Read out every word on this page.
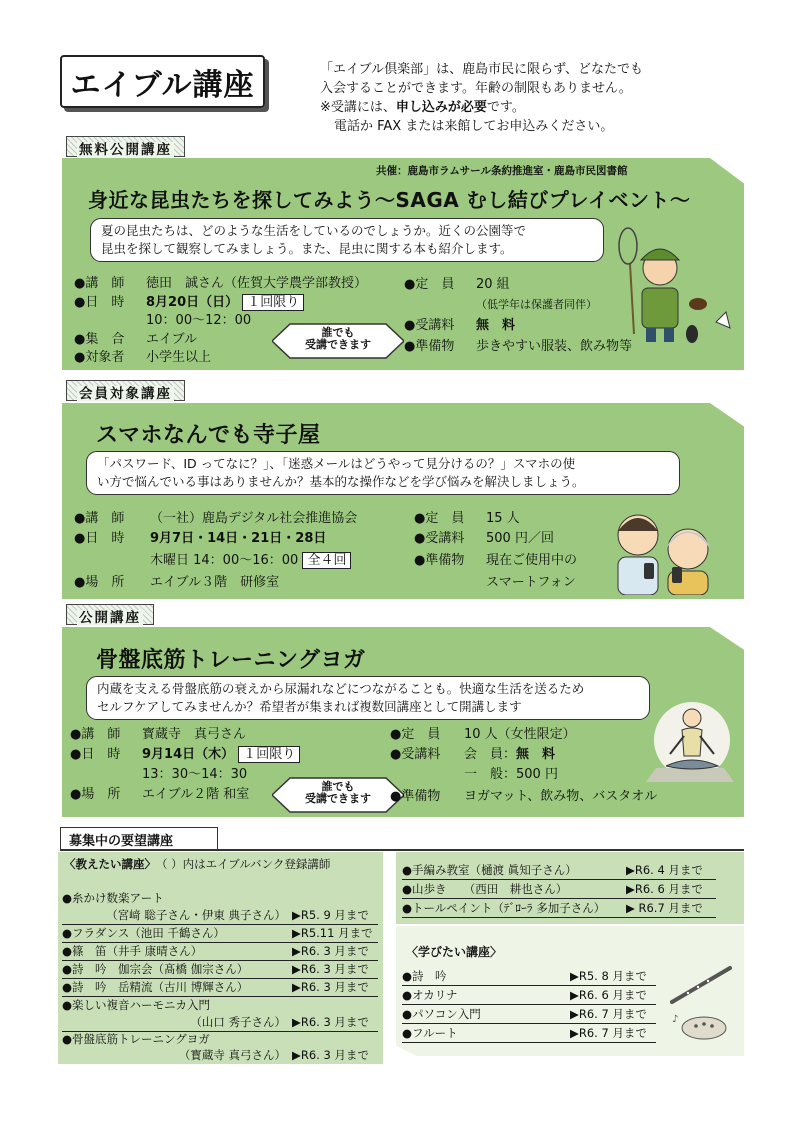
エイブル講座	「エイブル倶楽部」は、鹿島市民に限らず、どなたでも
入会することができます。年齢の制限もありません。
※受講には、申し込みが必要です。
電話か FAX または来館してお申込みください。
無料公開講座
共催：鹿島市ラムサール条約推進室・鹿島市民図書館
身近な昆虫たちを探してみよう～SAGA むし結びプレイベント～
夏の昆虫たちは、どのような生活をしているのでしょうか。近くの公園等で
昆虫を探して観察してみましょう。また、昆虫に関する本も紹介します。
●講　師 徳田　誠さん（佐賀大学農学部教授）
●日　時 8月20日（日） １回限り
10：00～12：00
●集　合 エイブル
●対象者 小学生以上
誰でも
受講できます
●定　員 20 組
（低学年は保護者同伴）
●受講料 無　料
●準備物 歩きやすい服装、飲み物等
会員対象講座
スマホなんでも寺子屋
「パスワード、ID ってなに？」、「迷惑メールはどうやって見分けるの？」スマホの使
い方で悩んでいる事はありませんか？基本的な操作などを学び悩みを解決しましょう。
●講　師 （一社）鹿島デジタル社会推進協会
●日　時 9月7日・14日・21日・28日
木曜日 14：00～16：00 全４回
●場　所 エイブル３階　研修室
●定　員 15 人
●受講料 500 円／回
●準備物 現在ご使用中の
スマートフォン
公開講座
骨盤底筋トレーニングヨガ
内蔵を支える骨盤底筋の衰えから尿漏れなどにつながることも。快適な生活を送るため
セルフケアしてみませんか？希望者が集まれば複数回講座として開講します
●講　師 寳蔵寺　真弓さん
●日　時 9月14日（木） １回限り
13：30～14：30
●場　所 エイブル２階 和室
誰でも
受講できます
●定　員 10 人（女性限定）
●受講料 会　員：無　料
一　般：500 円
●準備物 ヨガマット、飲み物、バスタオル
募集中の要望講座
〈教えたい講座〉　 （ ）内はエイブルバンク登録講師
●糸かけ数楽アート
（宮﨑 聡子さん・伊東 典子さん） ▶R5. 9 月まで
●フラダンス（池田 千鶴さん）	▶R5.11 月まで
●篠　笛（井手 康晴さん）	▶R6. 3 月まで
●詩　吟　伽宗会（髙橋 伽宗さん）	▶R6. 3 月まで
●詩　吟　岳精流（古川 博輝さん）	▶R6. 3 月まで
●楽しい複音ハーモニカ入門
（山口 秀子さん） ▶R6. 3 月まで
●骨盤底筋トレーニングヨガ
（寳蔵寺 真弓さん） ▶R6. 3 月まで
●手編み教室（樋渡 眞知子さん）	▶R6. 4 月まで
●山歩き　　（西田　耕也さん）	▶R6. 6 月まで
●トールペイント（ﾃﾞﾛｰﾗ 多加子さん） ▶ R6.7 月まで
〈学びたい講座〉
●詩　吟	▶R5. 8 月まで
●オカリナ	▶R6. 6 月まで
●パソコン入門	▶R6. 7 月まで
●フルート	▶R6. 7 月まで
♪
